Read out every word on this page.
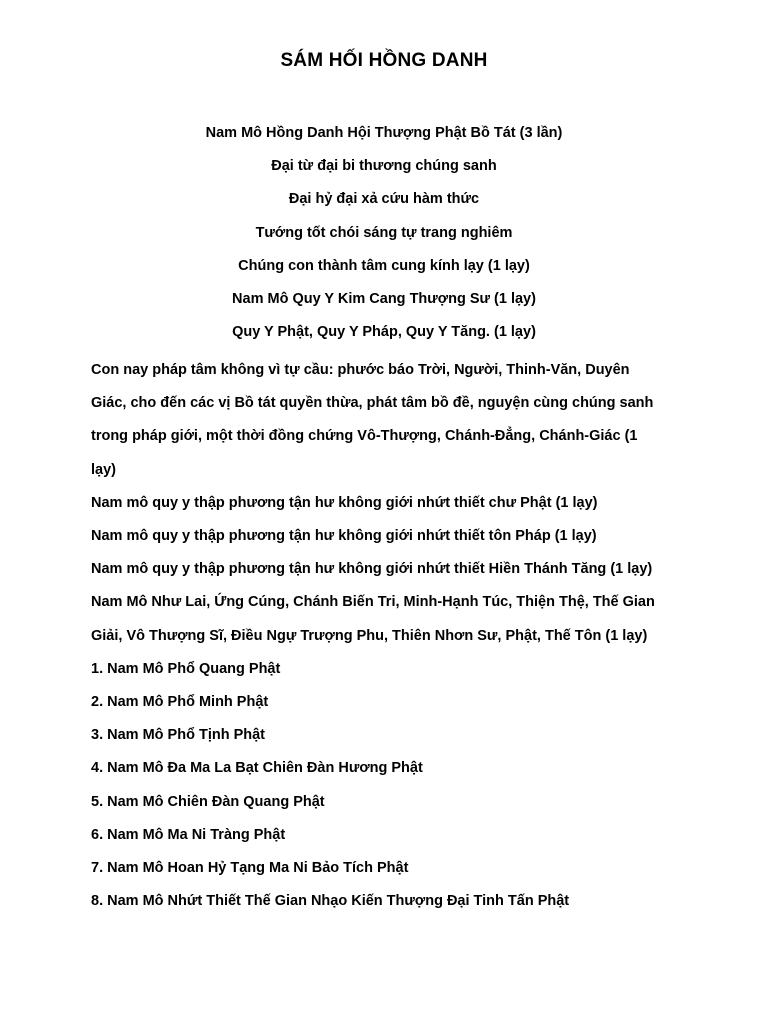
SÁM HỐI HỒNG DANH
Nam Mô Hồng Danh Hội Thượng Phật Bồ Tát (3 lần)
Đại từ đại bi thương chúng sanh
Đại hỷ đại xả cứu hàm thức
Tướng tốt chói sáng tự trang nghiêm
Chúng con thành tâm cung kính lạy (1 lạy)
Nam Mô Quy Y Kim Cang Thượng Sư (1 lạy)
Quy Y Phật, Quy Y Pháp, Quy Y Tăng. (1 lạy)

Con nay pháp tâm không vì tự cầu: phước báo Trời, Người, Thinh-Văn, Duyên Giác, cho đến các vị Bồ tát quyền thừa, phát tâm bồ đề, nguyện cùng chúng sanh trong pháp giới, một thời đồng chứng Vô-Thượng, Chánh-Đẳng, Chánh-Giác (1 lạy)

Nam mô quy y thập phương tận hư không giới nhứt thiết chư Phật (1 lạy)

Nam mô quy y thập phương tận hư không giới nhứt thiết tôn Pháp (1 lạy)

Nam mô quy y thập phương tận hư không giới nhứt thiết Hiền Thánh Tăng (1 lạy)

Nam Mô Như Lai, Ứng Cúng, Chánh Biến Tri, Minh-Hạnh Túc, Thiện Thệ, Thế Gian Giải, Vô Thượng Sĩ, Điều Ngự Trượng Phu, Thiên Nhơn Sư, Phật, Thế Tôn (1 lạy)

1. Nam Mô Phổ Quang Phật

2. Nam Mô Phổ Minh Phật

3. Nam Mô Phổ Tịnh Phật

4. Nam Mô Đa Ma La Bạt Chiên Đàn Hương Phật

5. Nam Mô Chiên Đàn Quang Phật

6. Nam Mô Ma Ni Tràng Phật

7. Nam Mô Hoan Hỷ Tạng Ma Ni Bảo Tích Phật

8. Nam Mô Nhứt Thiết Thế Gian Nhạo Kiến Thượng Đại Tinh Tấn Phật
